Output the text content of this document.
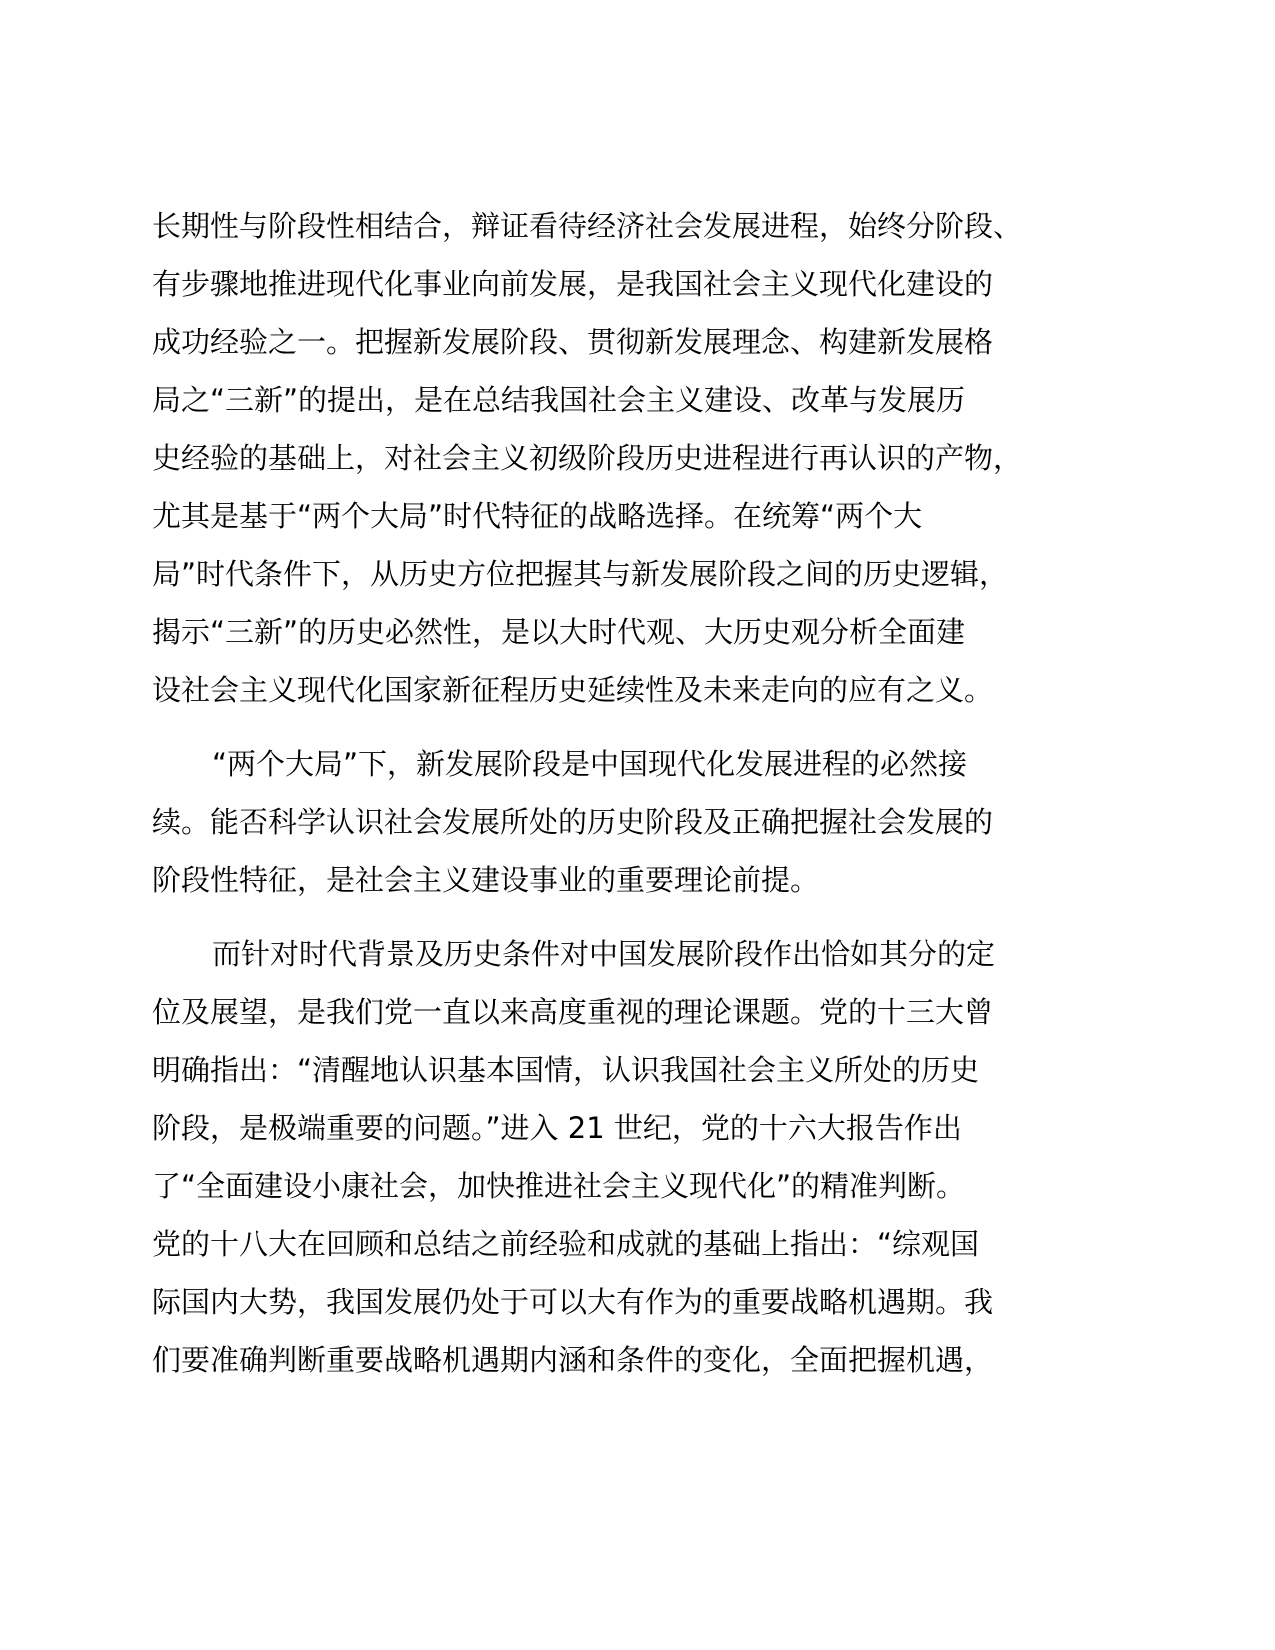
长期性与阶段性相结合，辩证看待经济社会发展进程，始终分阶段、
有步骤地推进现代化事业向前发展，是我国社会主义现代化建设的
成功经验之一。把握新发展阶段、贯彻新发展理念、构建新发展格
局之“三新”的提出，是在总结我国社会主义建设、改革与发展历
史经验的基础上，对社会主义初级阶段历史进程进行再认识的产物，
尤其是基于“两个大局”时代特征的战略选择。在统筹“两个大
局”时代条件下，从历史方位把握其与新发展阶段之间的历史逻辑，
揭示“三新”的历史必然性，是以大时代观、大历史观分析全面建
设社会主义现代化国家新征程历史延续性及未来走向的应有之义。
“两个大局”下，新发展阶段是中国现代化发展进程的必然接
续。能否科学认识社会发展所处的历史阶段及正确把握社会发展的
阶段性特征，是社会主义建设事业的重要理论前提。
而针对时代背景及历史条件对中国发展阶段作出恰如其分的定
位及展望，是我们党一直以来高度重视的理论课题。党的十三大曾
明确指出：“清醒地认识基本国情，认识我国社会主义所处的历史
阶段，是极端重要的问题。”进入 21 世纪，党的十六大报告作出
了“全面建设小康社会，加快推进社会主义现代化”的精准判断。
党的十八大在回顾和总结之前经验和成就的基础上指出：“综观国
际国内大势，我国发展仍处于可以大有作为的重要战略机遇期。我
们要准确判断重要战略机遇期内涵和条件的变化，全面把握机遇，
